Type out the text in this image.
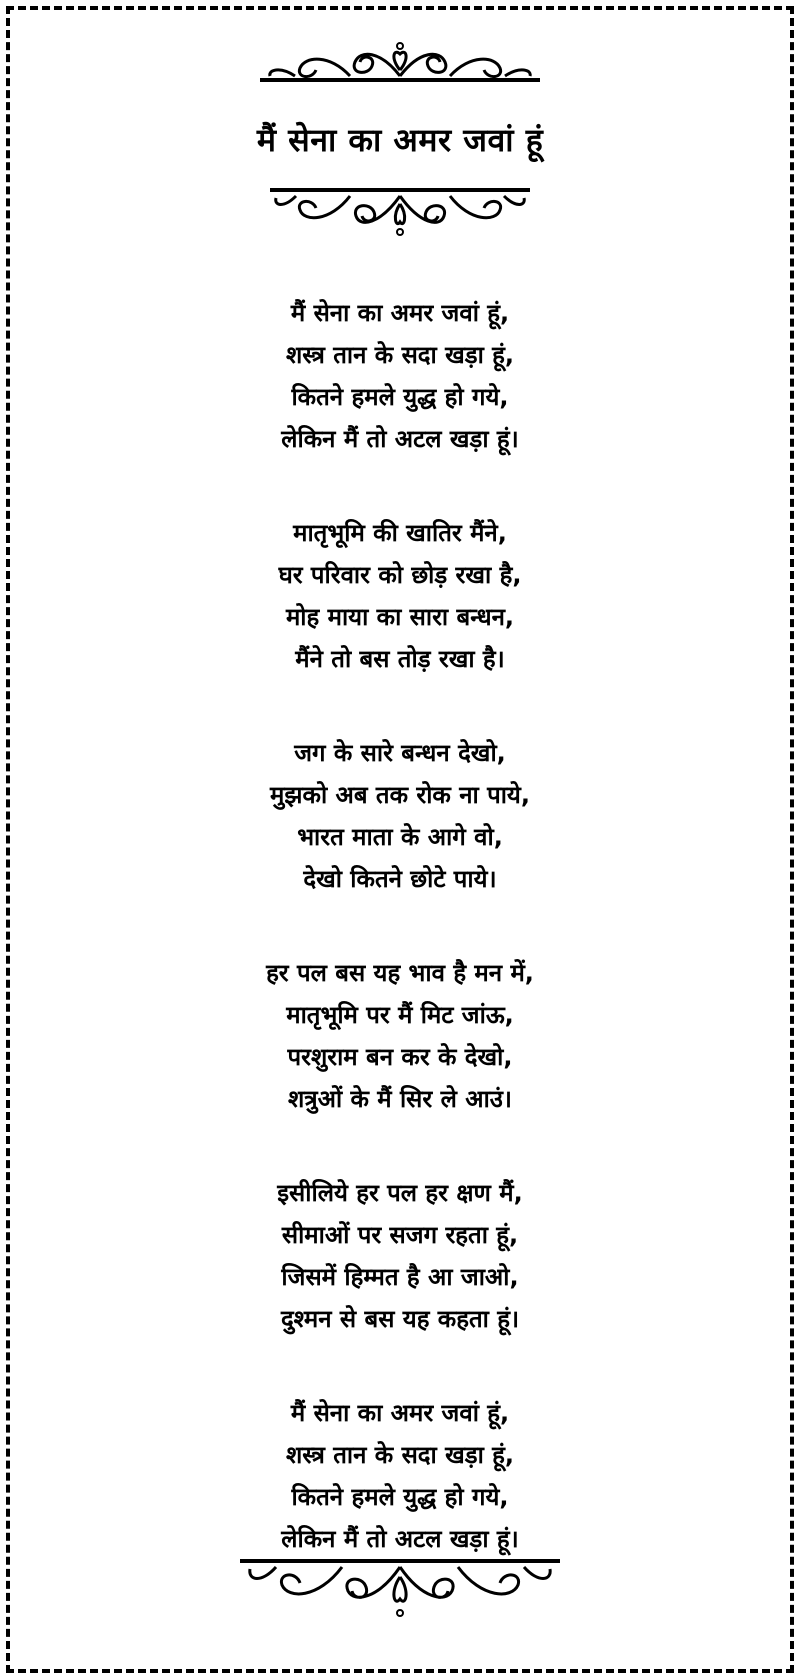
मैं सेना का अमर जवां हूं
मैं सेना का अमर जवां हूं,
शस्त्र तान के सदा खड़ा हूं,
कितने हमले युद्ध हो गये,
लेकिन मैं तो अटल खड़ा हूं।
मातृभूमि की खातिर मैंने,
घर परिवार को छोड़ रखा है,
मोह माया का सारा बन्धन,
मैंने तो बस तोड़ रखा है।
जग के सारे बन्धन देखो,
मुझको अब तक रोक ना पाये,
भारत माता के आगे वो,
देखो कितने छोटे पाये।
हर पल बस यह भाव है मन में,
मातृभूमि पर मैं मिट जांऊ,
परशुराम बन कर के देखो,
शत्रुओं के मैं सिर ले आउं।
इसीलिये हर पल हर क्षण मैं,
सीमाओं पर सजग रहता हूं,
जिसमें हिम्मत है आ जाओ,
दुश्मन से बस यह कहता हूं।
मैं सेना का अमर जवां हूं,
शस्त्र तान के सदा खड़ा हूं,
कितने हमले युद्ध हो गये,
लेकिन मैं तो अटल खड़ा हूं।
